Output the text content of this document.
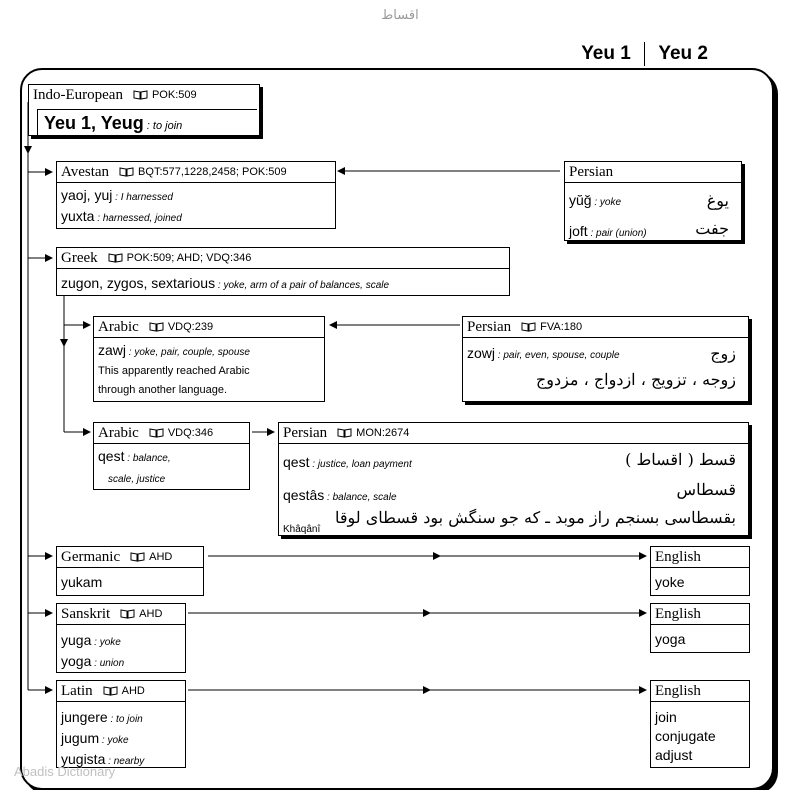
اقساط
Yeu 1 Yeu 2
Indo-European	POK:509
Yeu 1, Yeug : to join
Avestan	BQT:577,1228,2458; POK:509
yaoj, yuj : I harnessed
yuxta : harnessed, joined
Persian
yŭğ : yoke	یوغ
joft : pair (union)	جفت
Greek	POK:509; AHD; VDQ:346
zugon, zygos, sextarious : yoke, arm of a pair of balances, scale
Arabic	VDQ:239
zawj : yoke, pair, couple, spouse
This apparently reached Arabic
through another language.
Persian	FVA:180
zowj : pair, even, spouse, couple	زوج
زوجه ، تزویج ، ازدواج ، مزدوج
Arabic	VDQ:346
qest : balance,
scale, justice
Persian	MON:2674
qest : justice, loan payment
qestâs : balance, scale
Khâqânî
قسط ( اقساط )
قسطاس
بقسطاسی بسنجم راز موبد ـ که جو سنگش بود قسطای لوقا
Germanic	AHD
yukam
English
yoke
Sanskrit	AHD
yuga : yoke
yoga : union
English
yoga
Latin	AHD
jungere : to join
jugum : yoke
yugista : nearby
English
join
conjugate
adjust
Abadis Dictionary
